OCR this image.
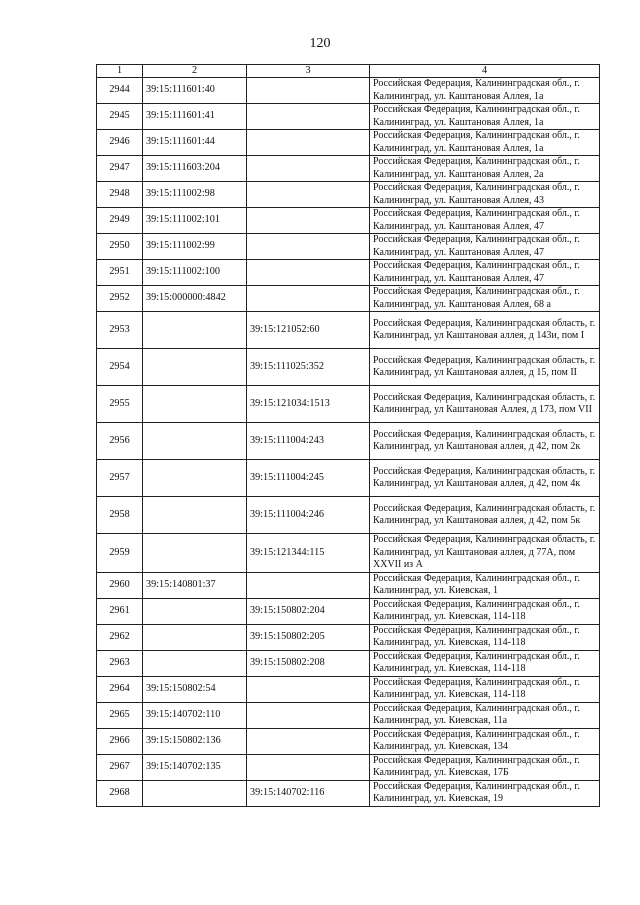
120
1	2	3	4
2944	39:15:111601:40		Российская Федерация, Калининградская обл., г. Калининград, ул. Каштановая Аллея, 1а
2945	39:15:111601:41		Российская Федерация, Калининградская обл., г. Калининград, ул. Каштановая Аллея, 1а
2946	39:15:111601:44		Российская Федерация, Калининградская обл., г. Калининград, ул. Каштановая Аллея, 1а
2947	39:15:111603:204		Российская Федерация, Калининградская обл., г. Калининград, ул. Каштановая Аллея, 2а
2948	39:15:111002:98		Российская Федерация, Калининградская обл., г. Калининград, ул. Каштановая Аллея, 43
2949	39:15:111002:101		Российская Федерация, Калининградская обл., г. Калининград, ул. Каштановая Аллея, 47
2950	39:15:111002:99		Российская Федерация, Калининградская обл., г. Калининград, ул. Каштановая Аллея, 47
2951	39:15:111002:100		Российская Федерация, Калининградская обл., г. Калининград, ул. Каштановая Аллея, 47
2952	39:15:000000:4842		Российская Федерация, Калининградская обл., г. Калининград, ул. Каштановая Аллея, 68 а
2953		39:15:121052:60	Российская Федерация, Калининградская область, г. Калининград, ул Каштановая аллея, д 143и, пом I
2954		39:15:111025:352	Российская Федерация, Калининградская область, г. Калининград, ул Каштановая аллея, д 15, пом II
2955		39:15:121034:1513	Российская Федерация, Калининградская область, г. Калининград, ул Каштановая Аллея, д 173, пом VII
2956		39:15:111004:243	Российская Федерация, Калининградская область, г. Калининград, ул Каштановая аллея, д 42, пом 2к
2957		39:15:111004:245	Российская Федерация, Калининградская область, г. Калининград, ул Каштановая аллея, д 42, пом 4к
2958		39:15:111004:246	Российская Федерация, Калининградская область, г. Калининград, ул Каштановая аллея, д 42, пом 5к
2959		39:15:121344:115	Российская Федерация, Калининградская область, г. Калининград, ул Каштановая аллея, д 77А, пом XXVII из А
2960	39:15:140801:37		Российская Федерация, Калининградская обл., г. Калининград, ул. Киевская, 1
2961		39:15:150802:204	Российская Федерация, Калининградская обл., г. Калининград, ул. Киевская, 114-118
2962		39:15:150802:205	Российская Федерация, Калининградская обл., г. Калининград, ул. Киевская, 114-118
2963		39:15:150802:208	Российская Федерация, Калининградская обл., г. Калининград, ул. Киевская, 114-118
2964	39:15:150802:54		Российская Федерация, Калининградская обл., г. Калининград, ул. Киевская, 114-118
2965	39:15:140702:110		Российская Федерация, Калининградская обл., г. Калининград, ул. Киевская, 11а
2966	39:15:150802:136		Российская Федерация, Калининградская обл., г. Калининград, ул. Киевская, 134
2967	39:15:140702:135		Российская Федерация, Калининградская обл., г. Калининград, ул. Киевская, 17Б
2968		39:15:140702:116	Российская Федерация, Калининградская обл., г. Калининград, ул. Киевская, 19
